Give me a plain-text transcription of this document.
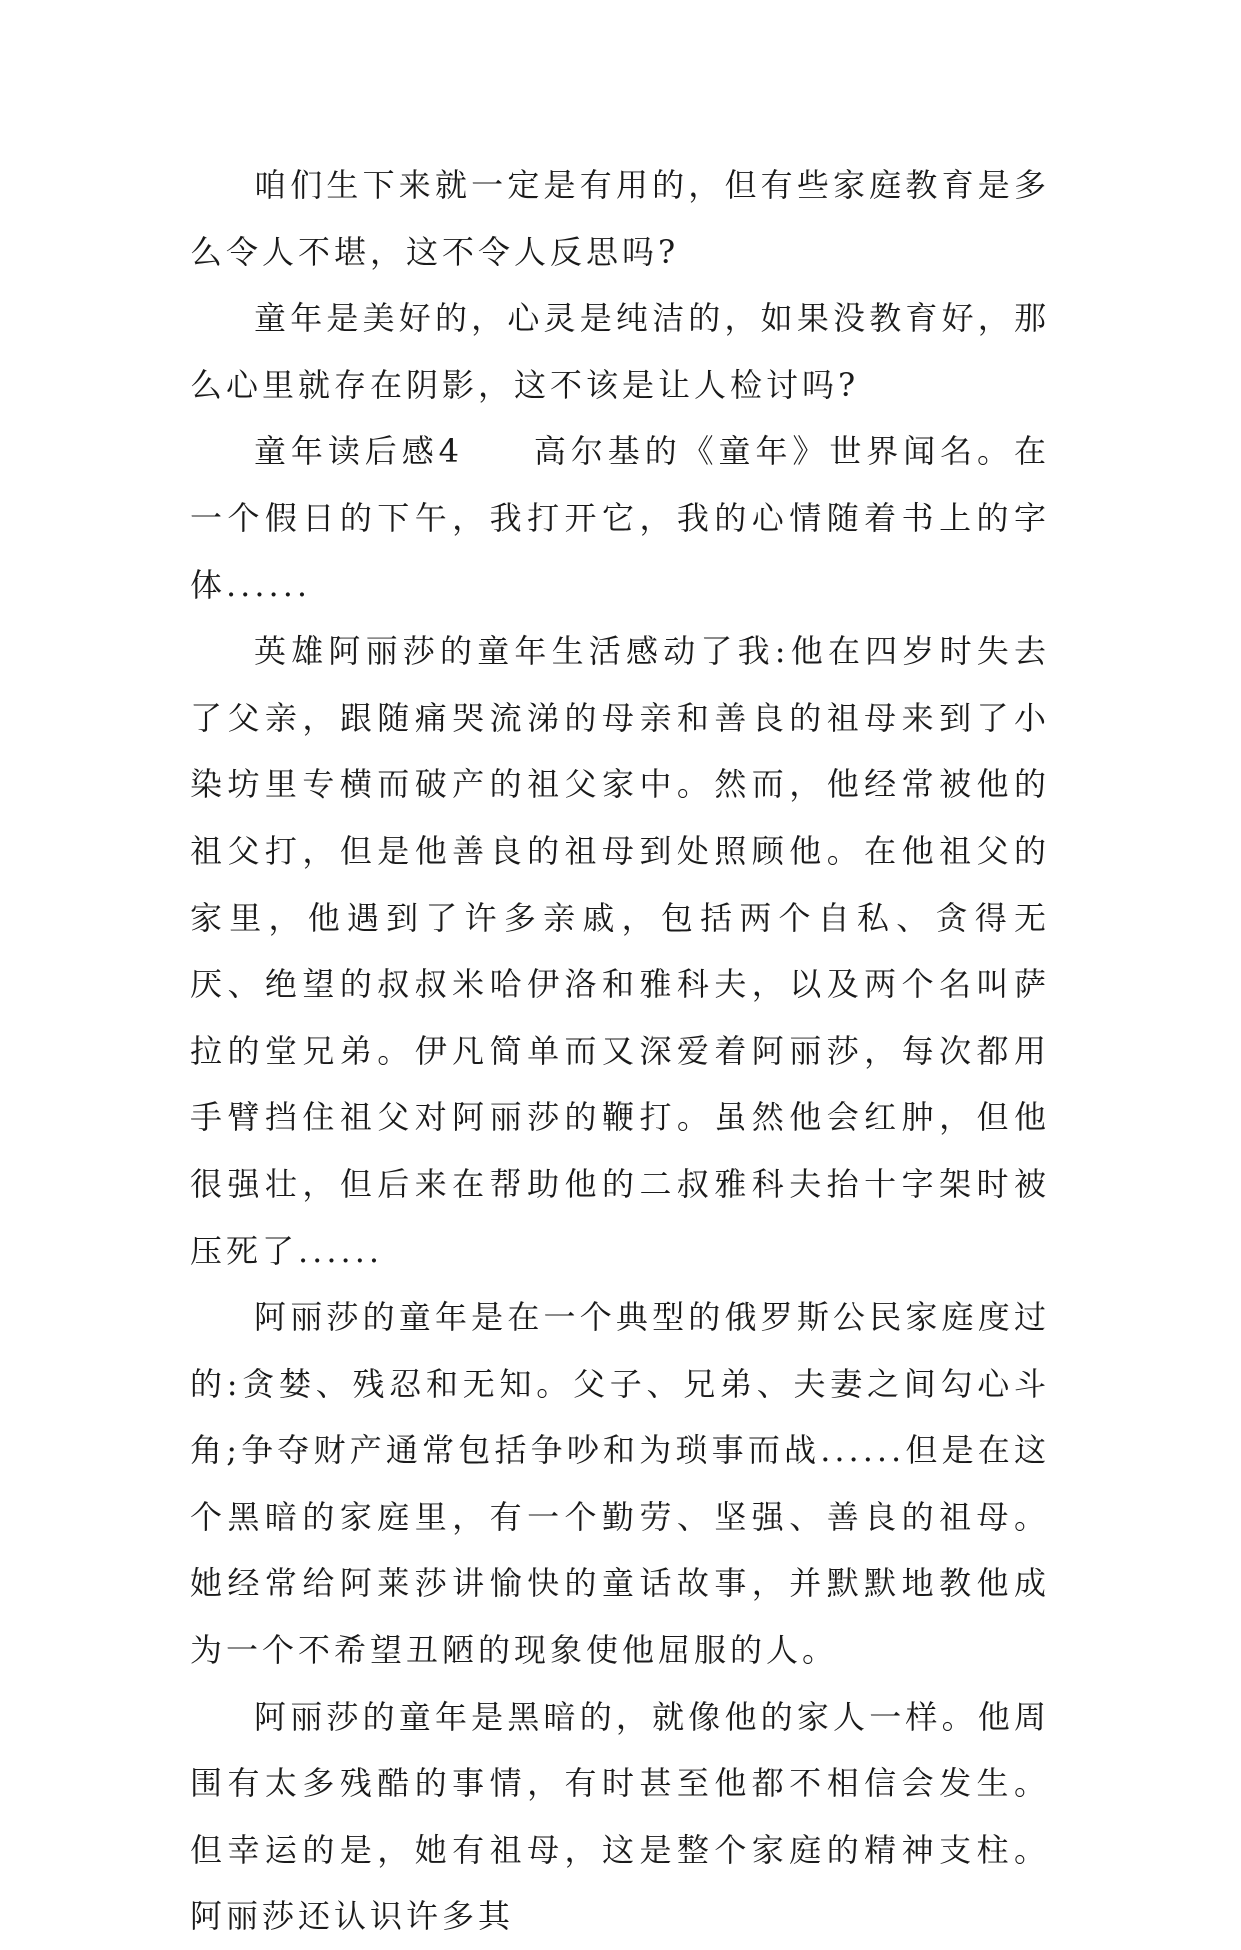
咱们生下来就一定是有用的，但有些家庭教育是多么令人不堪，这不令人反思吗?

童年是美好的，心灵是纯洁的，如果没教育好，那么心里就存在阴影，这不该是让人检讨吗?

童年读后感4 高尔基的《童年》世界闻名。在一个假日的下午，我打开它，我的心情随着书上的字体......

英雄阿丽莎的童年生活感动了我:他在四岁时失去了父亲，跟随痛哭流涕的母亲和善良的祖母来到了小染坊里专横而破产的祖父家中。然而，他经常被他的祖父打，但是他善良的祖母到处照顾他。在他祖父的家里，他遇到了许多亲戚，包括两个自私、贪得无厌、绝望的叔叔米哈伊洛和雅科夫，以及两个名叫萨拉的堂兄弟。伊凡简单而又深爱着阿丽莎，每次都用手臂挡住祖父对阿丽莎的鞭打。虽然他会红肿，但他很强壮，但后来在帮助他的二叔雅科夫抬十字架时被压死了......

阿丽莎的童年是在一个典型的俄罗斯公民家庭度过的:贪婪、残忍和无知。父子、兄弟、夫妻之间勾心斗角;争夺财产通常包括争吵和为琐事而战......但是在这个黑暗的家庭里，有一个勤劳、坚强、善良的祖母。她经常给阿莱莎讲愉快的童话故事，并默默地教他成为一个不希望丑陋的现象使他屈服的人。

阿丽莎的童年是黑暗的，就像他的家人一样。他周围有太多残酷的事情，有时甚至他都不相信会发生。但幸运的是，她有祖母，这是整个家庭的精神支柱。阿丽莎还认识许多其
